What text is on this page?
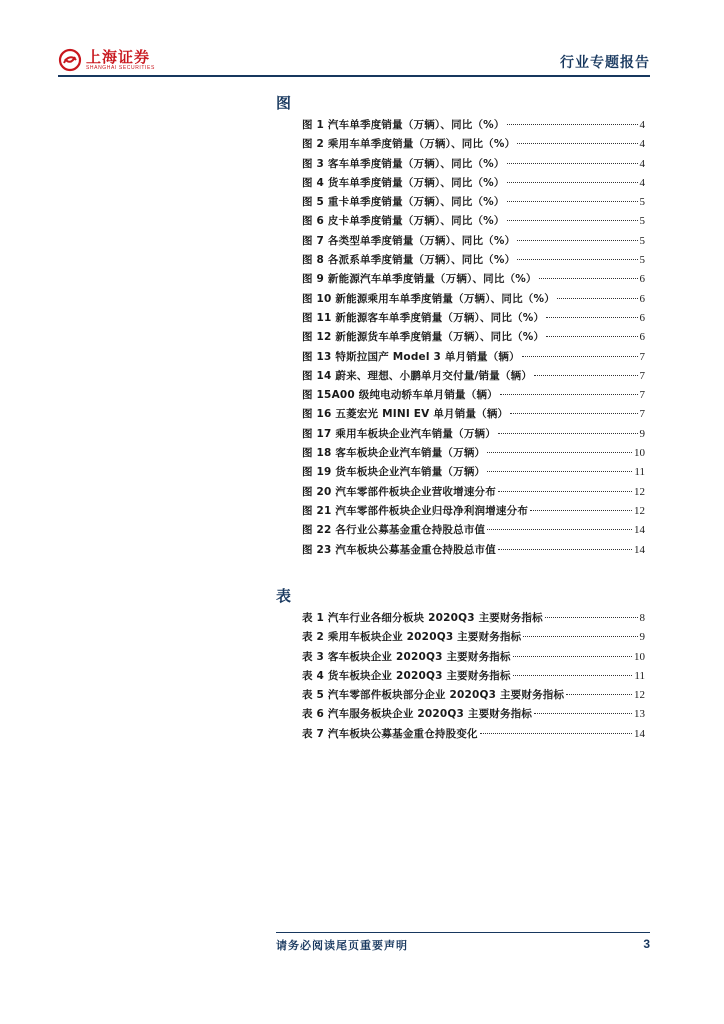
上海证券
SHANGHAI SECURITIES	行业专题报告
图
图 1 汽车单季度销量（万辆）、同比（%）	4
图 2 乘用车单季度销量（万辆）、同比（%）	4
图 3 客车单季度销量（万辆）、同比（%）	4
图 4 货车单季度销量（万辆）、同比（%）	4
图 5 重卡单季度销量（万辆）、同比（%）	5
图 6 皮卡单季度销量（万辆）、同比（%）	5
图 7 各类型单季度销量（万辆）、同比（%）	5
图 8 各派系单季度销量（万辆）、同比（%）	5
图 9 新能源汽车单季度销量（万辆）、同比（%）	6
图 10 新能源乘用车单季度销量（万辆）、同比（%）	6
图 11 新能源客车单季度销量（万辆）、同比（%）	6
图 12 新能源货车单季度销量（万辆）、同比（%）	6
图 13 特斯拉国产 Model 3 单月销量（辆）	7
图 14 蔚来、理想、小鹏单月交付量/销量（辆）	7
图 15A00 级纯电动轿车单月销量（辆）	7
图 16 五菱宏光 MINI EV 单月销量（辆）	7
图 17 乘用车板块企业汽车销量（万辆）	9
图 18 客车板块企业汽车销量（万辆）	10
图 19 货车板块企业汽车销量（万辆）	11
图 20 汽车零部件板块企业营收增速分布	12
图 21 汽车零部件板块企业归母净利润增速分布	12
图 22 各行业公募基金重仓持股总市值	14
图 23 汽车板块公募基金重仓持股总市值	14
表
表 1 汽车行业各细分板块 2020Q3 主要财务指标	8
表 2 乘用车板块企业 2020Q3 主要财务指标	9
表 3 客车板块企业 2020Q3 主要财务指标	10
表 4 货车板块企业 2020Q3 主要财务指标	11
表 5 汽车零部件板块部分企业 2020Q3 主要财务指标	12
表 6 汽车服务板块企业 2020Q3 主要财务指标	13
表 7 汽车板块公募基金重仓持股变化	14
请务必阅读尾页重要声明	3
